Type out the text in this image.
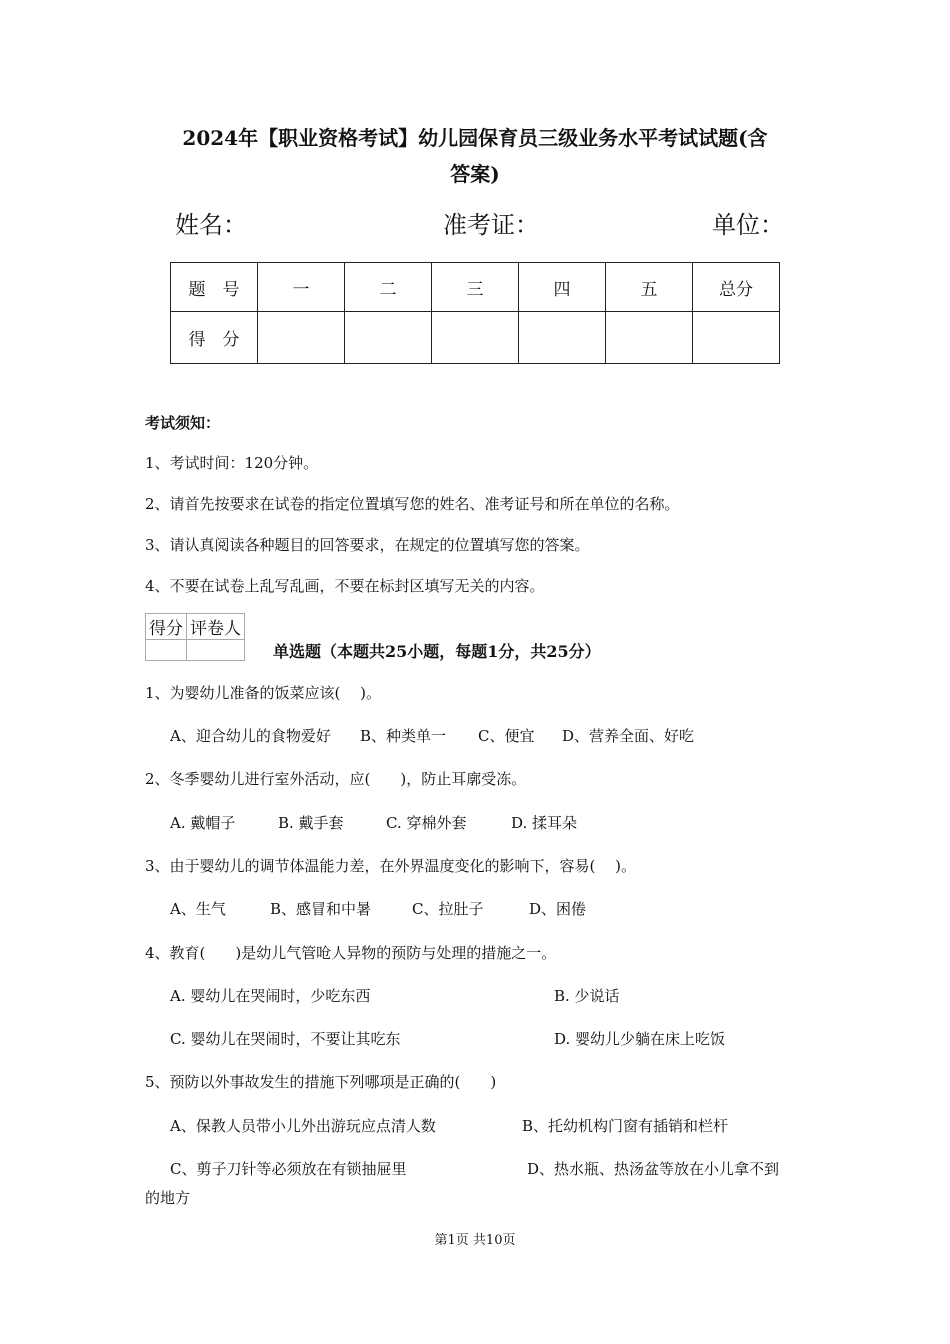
2024年【职业资格考试】幼儿园保育员三级业务水平考试试题(含
答案)
姓名：	准考证：	单位：
题　号	一	二	三	四	五	总分
得　分						
考试须知：
1、考试时间：120分钟。
2、请首先按要求在试卷的指定位置填写您的姓名、准考证号和所在单位的名称。
3、请认真阅读各种题目的回答要求，在规定的位置填写您的答案。
4、不要在试卷上乱写乱画，不要在标封区填写无关的内容。
得分	评卷人

单选题（本题共25小题，每题1分，共25分）
1、为婴幼儿准备的饭菜应该(　 )。
A、迎合幼儿的食物爱好 B、种类单一 C、便宜 D、营养全面、好吃
2、冬季婴幼儿进行室外活动，应(　　)，防止耳廓受冻。
A. 戴帽子	B. 戴手套	C. 穿棉外套	D. 揉耳朵
3、由于婴幼儿的调节体温能力差，在外界温度变化的影响下，容易(　 )。
A、生气	B、感冒和中暑	C、拉肚子	D、困倦
4、教育(　　)是幼儿气管呛人异物的预防与处理的措施之一。
A. 婴幼儿在哭闹时，少吃东西	B. 少说话
C. 婴幼儿在哭闹时，不要让其吃东	D. 婴幼儿少躺在床上吃饭
5、预防以外事故发生的措施下列哪项是正确的(　　)
A、保教人员带小儿外出游玩应点清人数	B、托幼机构门窗有插销和栏杆
C、剪子刀针等必须放在有锁抽屉里	D、热水瓶、热汤盆等放在小儿拿不到
的地方
第1页 共10页
